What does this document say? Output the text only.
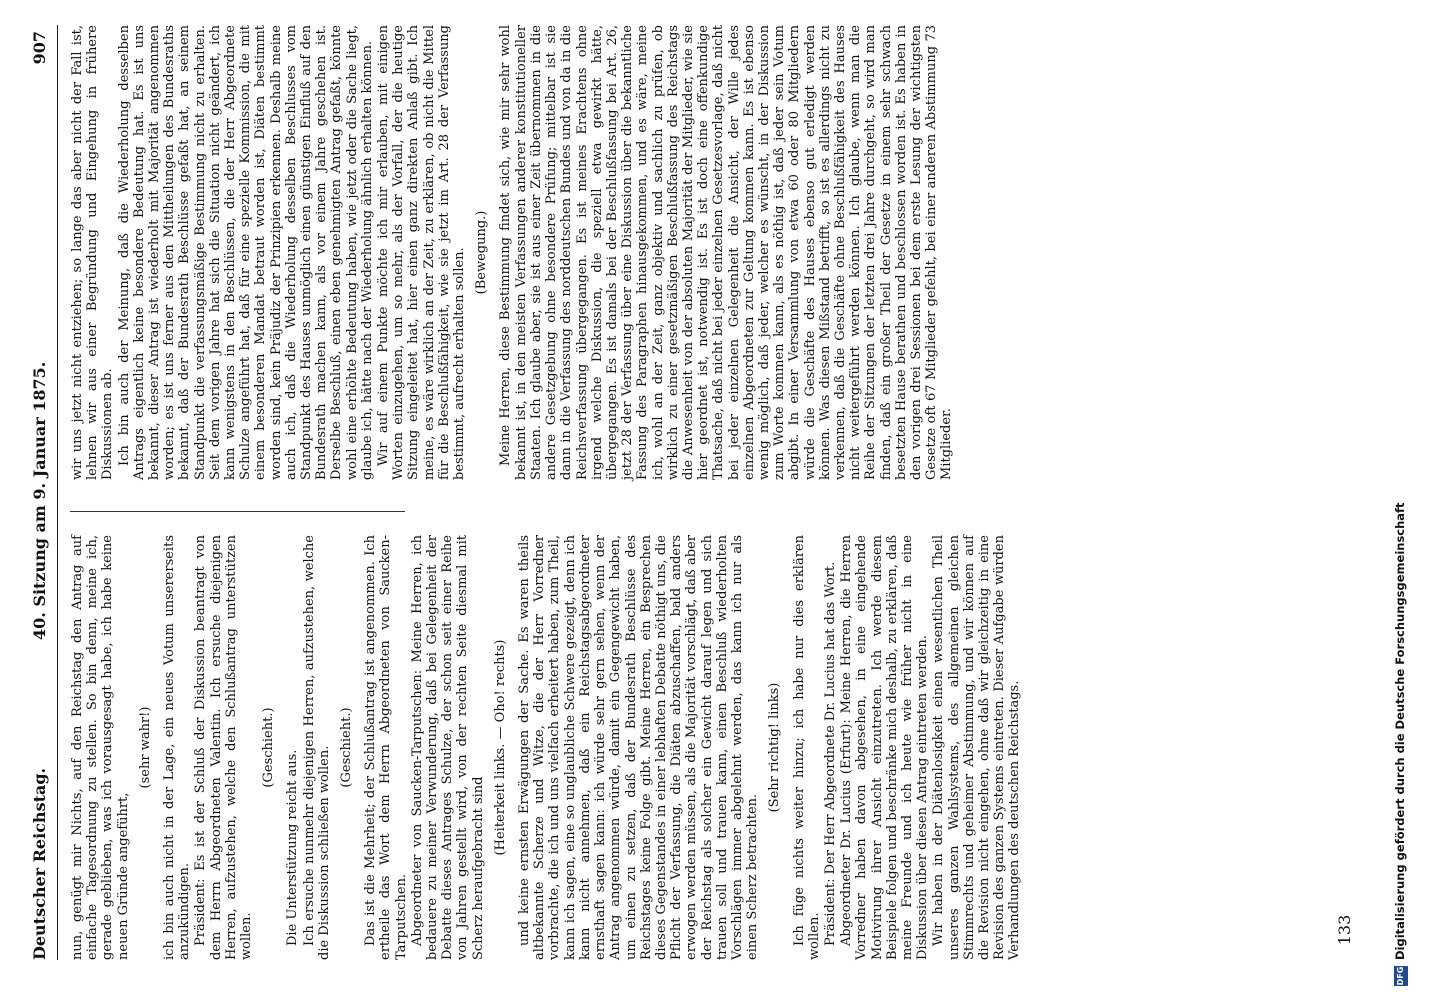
Deutscher Reichstag.
40. Sitzung am 9. Januar 1875.
907

nun, genügt mir Nichts, auf den Reichstag den Antrag auf einfache Tagesordnung zu stellen. So bin denn, meine ich, gerade geblieben, was ich vorausgesagt habe, ich habe keine neuen Gründe angeführt,

(sehr wahr!) ich bin auch nicht in der Lage, ein neues Votum unsererseits anzukündigen. Präsident: Es ist der Schluß der Diskussion beantragt von dem Herrn Abgeordneten Valentin. Ich ersuche diejenigen Herren, aufzustehen, welche den Schlußantrag unterstützen wollen.

(Geschieht.)

Die Unterstützung reicht aus. Ich ersuche nunmehr diejenigen Herren, aufzustehen, welche die Diskussion schließen wollen. (Geschieht.) Das ist die Mehrheit; der Schlußantrag ist angenommen. Ich ertheile das Wort dem Herrn Abgeordneten von Saucken-Tarputschen. Abgeordneter von Saucken-Tarputschen: Meine Herren, ich bedauere zu meiner Verwunderung, daß bei Gelegenheit der Debatte dieses Antrages Schulze, der schon seit einer Reihe von Jahren gestellt wird, von der rechten Seite diesmal mit Scherz heraufgebracht sind

(Heiterkeit links. — Oho! rechts) und keine ernsten Erwägungen der Sache. Es waren theils altbekannte Scherze und Witze, die der Herr Vorredner vorbrachte, die ich und uns vielfach erheitert haben, zum Theil, kann ich sagen, eine so unglaubliche Schwere gezeigt, denn ich kann nicht annehmen, daß ein Reichstagsabgeordneter ernsthaft sagen kann: ich würde sehr gern sehen, wenn der Antrag angenommen würde, damit ein Gegengewicht haben, um einen zu setzen, daß der Bundesrath Beschlüsse des Reichstages keine Folge gibt. Meine Herren, ein Besprechen dieses Gegenstandes in einer lebhaften Debatte nöthigt uns, die Pflicht der Verfassung, die Diäten abzuschaffen, bald anders erwogen werden müssen, als die Majorität vorschlägt, daß aber der Reichstag als solcher ein Gewicht darauf legen und sich trauen soll und trauen kann, einen Beschluß wiederholten Vorschlägen immer abgelehnt werden, das kann ich nur als einen Scherz betrachten.

(Sehr richtig! links) Ich füge nichts weiter hinzu; ich habe nur dies erklären wollen. Präsident: Der Herr Abgeordnete Dr. Lucius hat das Wort. Abgeordneter Dr. Lucius (Erfurt): Meine Herren, die Herren Vorredner haben davon abgesehen, in eine eingehende Motivirung ihrer Ansicht einzutreten. Ich werde diesem Beispiele folgen und beschränke mich deshalb, zu erklären, daß meine Freunde und ich heute wie früher nicht in eine Diskussion über diesen Antrag eintreten werden. Wir haben in der Diätenlosigkeit einen wesentlichen Theil unseres ganzen Wahlsystems, des allgemeinen gleichen Stimmrechts und geheimer Abstimmung, und wir können auf die Revision nicht eingehen, ohne daß wir gleichzeitig in eine Revision des ganzen Systems eintreten. Dieser Aufgabe würden Verhandlungen des deutschen Reichstags.

wir uns jetzt nicht entziehen; so lange das aber nicht der Fall ist, lehnen wir aus einer Begründung und Eingehung in frühere Diskussionen ab. Ich bin auch der Meinung, daß die Wiederholung desselben Antrags eigentlich keine besondere Bedeutung hat. Es ist uns bekannt, dieser Antrag ist wiederholt mit Majorität angenommen worden; es ist uns ferner aus den Mittheilungen des Bundesraths bekannt, daß der Bundesrath Beschlüsse gefaßt hat, an seinem Standpunkt die verfassungsmäßige Bestimmung nicht zu erhalten. Seit dem vorigen Jahre hat sich die Situation nicht geändert, ich kann wenigstens in den Beschlüssen, die der Herr Abgeordnete Schulze angeführt hat, daß für eine spezielle Kommission, die mit einem besonderen Mandat betraut worden ist, Diäten bestimmt worden sind, kein Präjudiz der Prinzipien erkennen. Deshalb meine auch ich, daß die Wiederholung desselben Beschlusses vom Standpunkt des Hauses unmöglich einen günstigen Einfluß auf den Bundesrath machen kann, als vor einem Jahre geschehen ist. Derselbe Beschluß, einen eben genehmigten Antrag gefaßt, könnte wohl eine erhöhte Bedeutung haben, wie jetzt oder die Sache liegt, glaube ich, hätte nach der Wiederholung ähnlich erhalten können. Wir auf einem Punkte möchte ich mir erlauben, mit einigen Worten einzugehen, um so mehr, als der Vorfall, der die heutige Sitzung eingeleitet hat, hier einen ganz direkten Anlaß gibt. Ich meine, es wäre wirklich an der Zeit, zu erklären, ob nicht die Mittel für die Beschlußfähigkeit, wie sie jetzt im Art. 28 der Verfassung bestimmt, aufrecht erhalten sollen. (Bewegung.) Meine Herren, diese Bestimmung findet sich, wie mir sehr wohl bekannt ist, in den meisten Verfassungen anderer konstitutioneller Staaten. Ich glaube aber, sie ist aus einer Zeit übernommen in die andere Gesetzgebung ohne besondere Prüfung; mittelbar ist sie dann in die Verfassung des norddeutschen Bundes und von da in die Reichsverfassung übergegangen. Es ist meines Erachtens ohne irgend welche Diskussion, die speziell etwa gewirkt hätte, übergegangen. Es ist damals bei der Beschlußfassung bei Art. 26, jetzt 28 der Verfassung über eine Diskussion über die bekanntliche Fassung des Paragraphen hinausgekommen, und es wäre, meine ich, wohl an der Zeit, ganz objektiv und sachlich zu prüfen, ob wirklich zu einer gesetzmäßigen Beschlußfassung des Reichstags die Anwesenheit von der absoluten Majorität der Mitglieder, wie sie hier geordnet ist, notwendig ist. Es ist doch eine offenkundige Thatsache, daß nicht bei jeder einzelnen Gesetzesvorlage, daß nicht bei jeder einzelnen Gelegenheit die Ansicht, der Wille jedes einzelnen Abgeordneten zur Geltung kommen kann. Es ist ebenso wenig möglich, daß jeder, welcher es wünscht, in der Diskussion zum Worte kommen kann, als es nöthig ist, daß jeder sein Votum abgibt. In einer Versammlung von etwa 60 oder 80 Mitgliedern würde die Geschäfte des Hauses ebenso gut erledigt werden können. Was diesen Mißstand betrifft, so ist es allerdings nicht zu verkennen, daß die Geschäfte ohne Beschlußfähigkeit des Hauses nicht weitergeführt werden können. Ich glaube, wenn man die Reihe der Sitzungen der letzten drei Jahre durchgeht, so wird man finden, daß ein großer Theil der Gesetze in einem sehr schwach besetzten Hause berathen und beschlossen worden ist. Es haben in den vorigen drei Sessionen bei dem erste Lesung der wichtigsten Gesetze oft 67 Mitglieder gefehlt, bei einer anderen Abstimmung 73 Mitglieder.

133
DFGDigitalisierung gefördert durch die Deutsche Forschungsgemeinschaft
